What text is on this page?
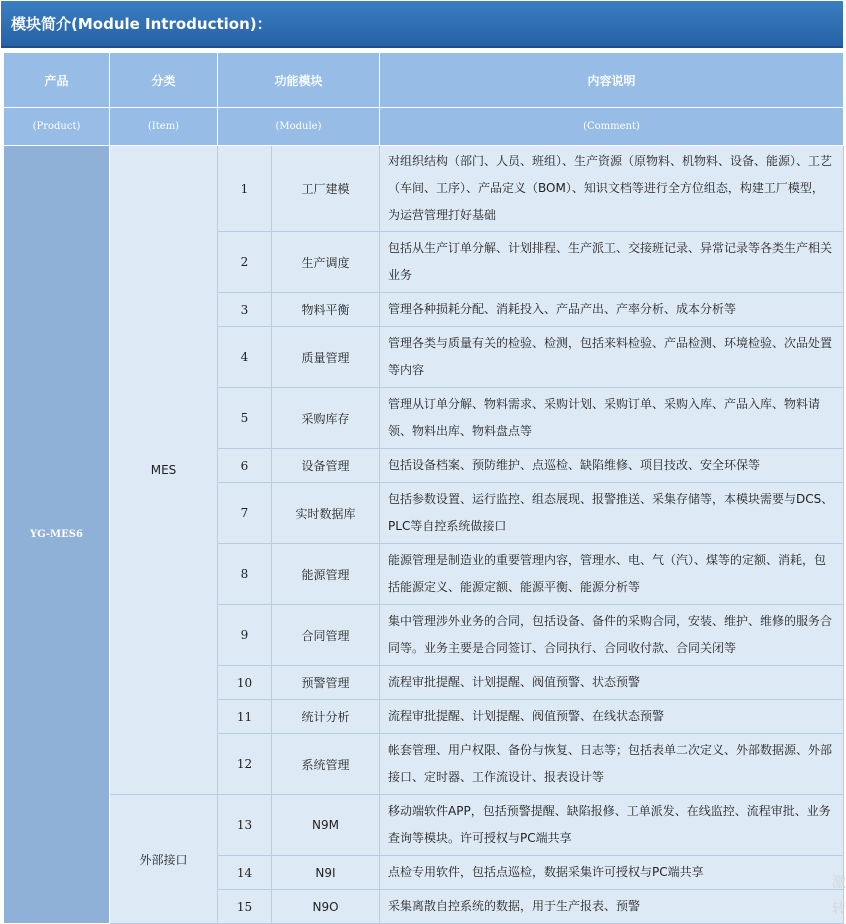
模块简介(Module Introduction)：
产品	分类	功能模块		内容说明
(Product)	(Item)	(Module)		(Comment)
YG-MES6	MES	1	工厂建模	对组织结构（部门、人员、班组）、生产资源（原物料、机物料、设备、能源）、工艺（车间、工序）、产品定义（BOM）、知识文档等进行全方位组态，构建工厂模型，为运营管理打好基础
		2	生产调度	包括从生产订单分解、计划排程、生产派工、交接班记录、异常记录等各类生产相关业务
		3	物料平衡	管理各种损耗分配、消耗投入、产品产出、产率分析、成本分析等
		4	质量管理	管理各类与质量有关的检验、检测，包括来料检验、产品检测、环境检验、次品处置等内容
		5	采购库存	管理从订单分解、物料需求、采购计划、采购订单、采购入库、产品入库、物料请领、物料出库、物料盘点等
		6	设备管理	包括设备档案、预防维护、点巡检、缺陷维修、项目技改、安全环保等
		7	实时数据库	包括参数设置、运行监控、组态展现、报警推送、采集存储等，本模块需要与DCS、PLC等自控系统做接口
		8	能源管理	能源管理是制造业的重要管理内容，管理水、电、气（汽）、煤等的定额、消耗，包括能源定义、能源定额、能源平衡、能源分析等
		9	合同管理	集中管理涉外业务的合同，包括设备、备件的采购合同，安装、维护、维修的服务合同等。业务主要是合同签订、合同执行、合同收付款、合同关闭等
		10	预警管理	流程审批提醒、计划提醒、阀值预警、状态预警
		11	统计分析	流程审批提醒、计划提醒、阀值预警、在线状态预警
		12	系统管理	帐套管理、用户权限、备份与恢复、日志等；包括表单二次定义、外部数据源、外部接口、定时器、工作流设计、报表设计等
	外部接口	13	N9M	移动端软件APP，包括预警提醒、缺陷报修、工单派发、在线监控、流程审批、业务查询等模块。许可授权与PC端共享
		14	N9I	点检专用软件，包括点巡检，数据采集许可授权与PC端共享
		15	N9O	采集离散自控系统的数据，用于生产报表、预警
激
转
